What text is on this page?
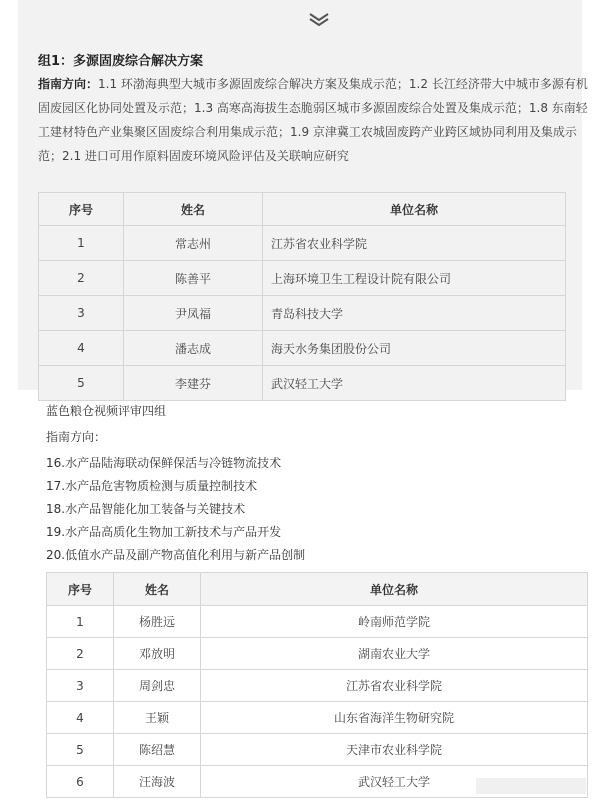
组1：多源固废综合解决方案
指南方向：1.1 环渤海典型大城市多源固废综合解决方案及集成示范；1.2 长江经济带大中城市多源有机固废园区化协同处置及示范；1.3 高寒高海拔生态脆弱区城市多源固废综合处置及集成示范；1.8 东南轻工建材特色产业集聚区固废综合利用集成示范；1.9 京津冀工农城固废跨产业跨区域协同利用及集成示范；2.1 进口可用作原料固废环境风险评估及关联响应研究
序号	姓名	单位名称
1	常志州	江苏省农业科学院
2	陈善平	上海环境卫生工程设计院有限公司
3	尹凤福	青岛科技大学
4	潘志成	海天水务集团股份公司
5	李建芬	武汉轻工大学
蓝色粮仓视频评审四组
指南方向：
16.水产品陆海联动保鲜保活与冷链物流技术
17.水产品危害物质检测与质量控制技术
18.水产品智能化加工装备与关键技术
19.水产品高质化生物加工新技术与产品开发
20.低值水产品及副产物高值化利用与新产品创制
序号	姓名	单位名称
1	杨胜远	岭南师范学院
2	邓放明	湖南农业大学
3	周剑忠	江苏省农业科学院
4	王颖	山东省海洋生物研究院
5	陈绍慧	天津市农业科学院
6	汪海波	武汉轻工大学
